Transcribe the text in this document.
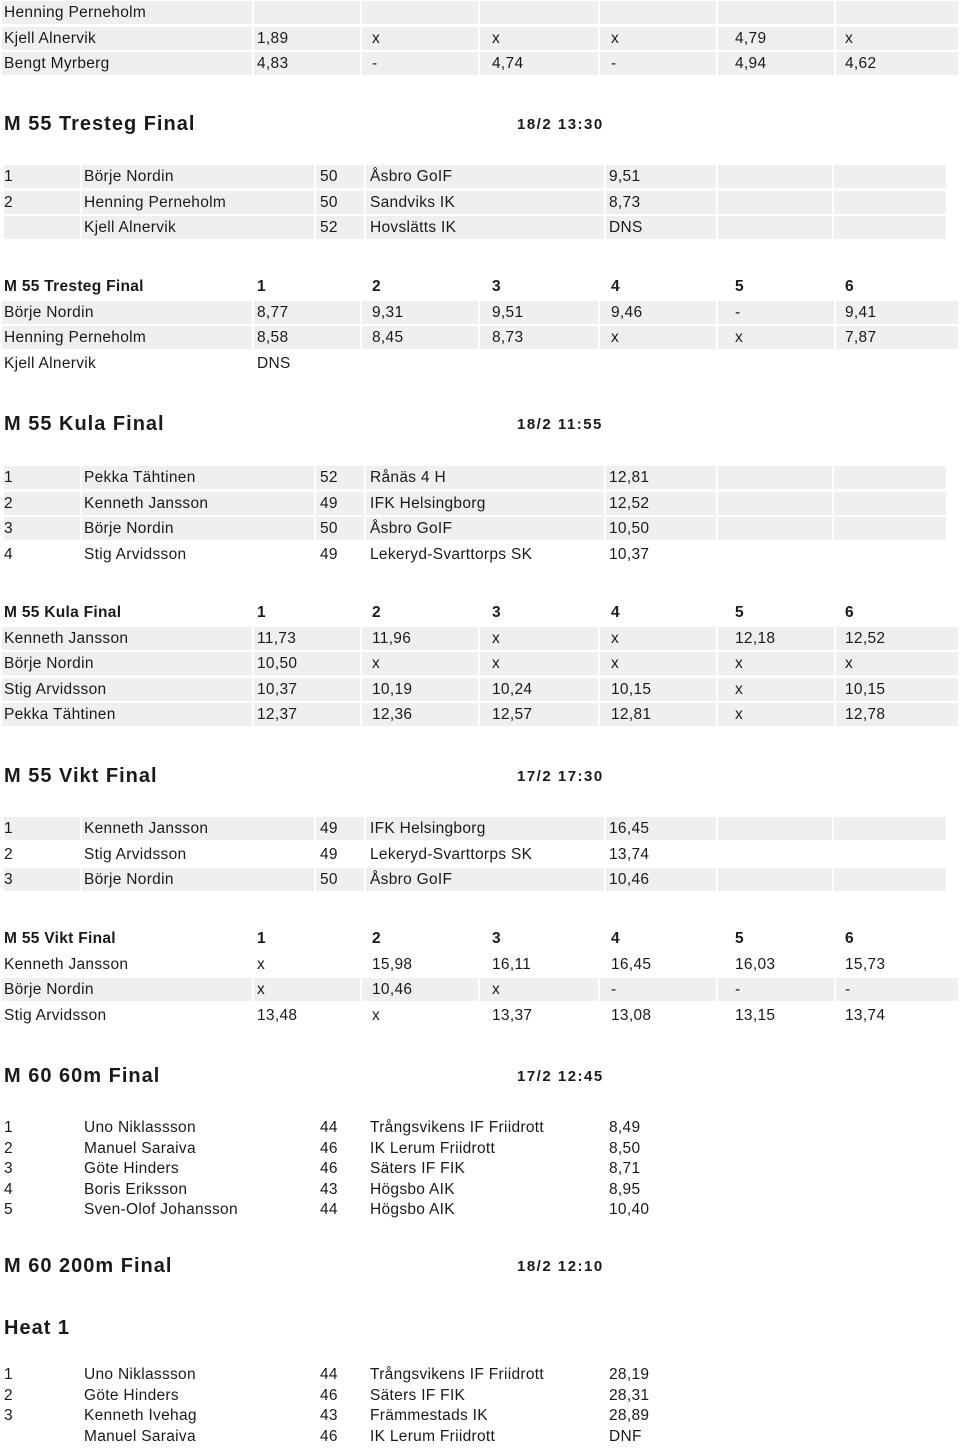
Henning Perneholm
Kjell Alnervik	1,89	x	x	x	4,79	x
Bengt Myrberg	4,83	-	4,74	-	4,94	4,62
M 55 Tresteg Final	18/2 13:30
1	Börje Nordin	50 Åsbro GoIF	9,51
2	Henning Perneholm	50 Sandviks IK	8,73
Kjell Alnervik	52 Hovslätts IK	DNS
M 55 Tresteg Final	1	2	3	4	5	6
Börje Nordin	8,77	9,31	9,51	9,46	-	9,41
Henning Perneholm	8,58	8,45	8,73	x	x	7,87
Kjell Alnervik	DNS
M 55 Kula Final	18/2 11:55
1	Pekka Tähtinen	52 Rånäs 4 H	12,81
2	Kenneth Jansson	49 IFK Helsingborg	12,52
3	Börje Nordin	50 Åsbro GoIF	10,50
4	Stig Arvidsson	49 Lekeryd-Svarttorps SK	10,37
M 55 Kula Final	1	2	3	4	5	6
Kenneth Jansson	11,73	11,96	x	x	12,18	12,52
Börje Nordin	10,50	x	x	x	x	x
Stig Arvidsson	10,37	10,19	10,24	10,15	x	10,15
Pekka Tähtinen	12,37	12,36	12,57	12,81	x	12,78
M 55 Vikt Final	17/2 17:30
1	Kenneth Jansson	49 IFK Helsingborg	16,45
2	Stig Arvidsson	49 Lekeryd-Svarttorps SK	13,74
3	Börje Nordin	50 Åsbro GoIF	10,46
M 55 Vikt Final	1	2	3	4	5	6
Kenneth Jansson	x	15,98	16,11	16,45	16,03	15,73
Börje Nordin	x	10,46	x	-	-	-
Stig Arvidsson	13,48	x	13,37	13,08	13,15	13,74
M 60 60m Final	17/2 12:45
1	Uno Niklassson	44 Trångsvikens IF Friidrott	8,49
2	Manuel Saraiva	46 IK Lerum Friidrott	8,50
3	Göte Hinders	46 Säters IF FIK	8,71
4	Boris Eriksson	43 Högsbo AIK	8,95
5	Sven-Olof Johansson	44 Högsbo AIK	10,40
M 60 200m Final	18/2 12:10
Heat 1
1	Uno Niklassson	44 Trångsvikens IF Friidrott	28,19
2	Göte Hinders	46 Säters IF FIK	28,31
3	Kenneth Ivehag	43 Främmestads IK	28,89
Manuel Saraiva	46 IK Lerum Friidrott	DNF
